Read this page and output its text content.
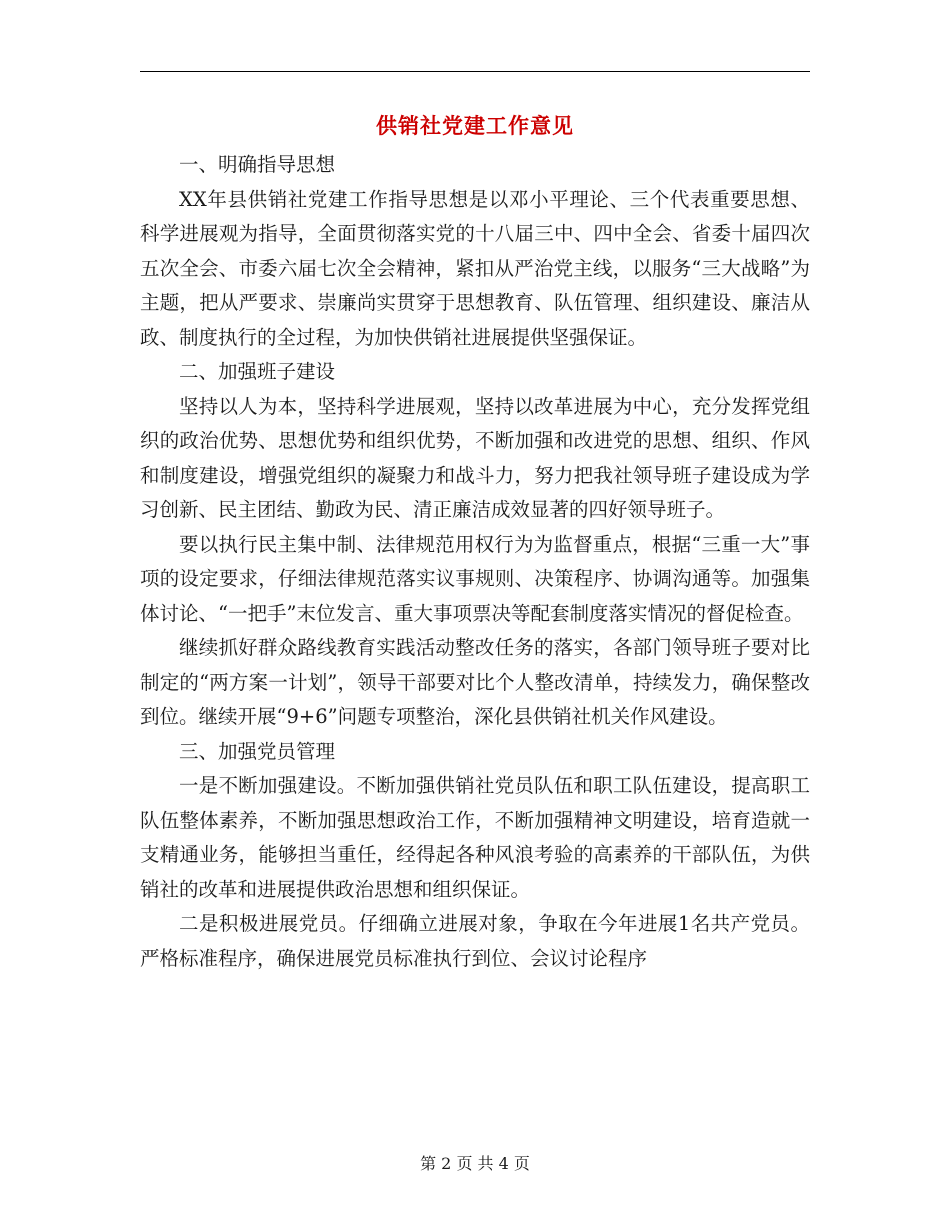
供销社党建工作意见

一、明确指导思想

XX年县供销社党建工作指导思想是以邓小平理论、三个代表重要思想、科学进展观为指导，全面贯彻落实党的十八届三中、四中全会、省委十届四次五次全会、市委六届七次全会精神，紧扣从严治党主线，以服务“三大战略”为主题，把从严要求、崇廉尚实贯穿于思想教育、队伍管理、组织建设、廉洁从政、制度执行的全过程，为加快供销社进展提供坚强保证。

二、加强班子建设

坚持以人为本，坚持科学进展观，坚持以改革进展为中心，充分发挥党组织的政治优势、思想优势和组织优势，不断加强和改进党的思想、组织、作风和制度建设，增强党组织的凝聚力和战斗力，努力把我社领导班子建设成为学习创新、民主团结、勤政为民、清正廉洁成效显著的四好领导班子。

要以执行民主集中制、法律规范用权行为为监督重点，根据“三重一大”事项的设定要求，仔细法律规范落实议事规则、决策程序、协调沟通等。加强集体讨论、“一把手”末位发言、重大事项票决等配套制度落实情况的督促检查。

继续抓好群众路线教育实践活动整改任务的落实，各部门领导班子要对比制定的“两方案一计划”，领导干部要对比个人整改清单，持续发力，确保整改到位。继续开展“9+6”问题专项整治，深化县供销社机关作风建设。

三、加强党员管理

一是不断加强建设。不断加强供销社党员队伍和职工队伍建设，提高职工队伍整体素养，不断加强思想政治工作，不断加强精神文明建设，培育造就一支精通业务，能够担当重任，经得起各种风浪考验的高素养的干部队伍，为供销社的改革和进展提供政治思想和组织保证。

二是积极进展党员。仔细确立进展对象，争取在今年进展1名共产党员。严格标准程序，确保进展党员标准执行到位、会议讨论程序

第 2 页 共 4 页
